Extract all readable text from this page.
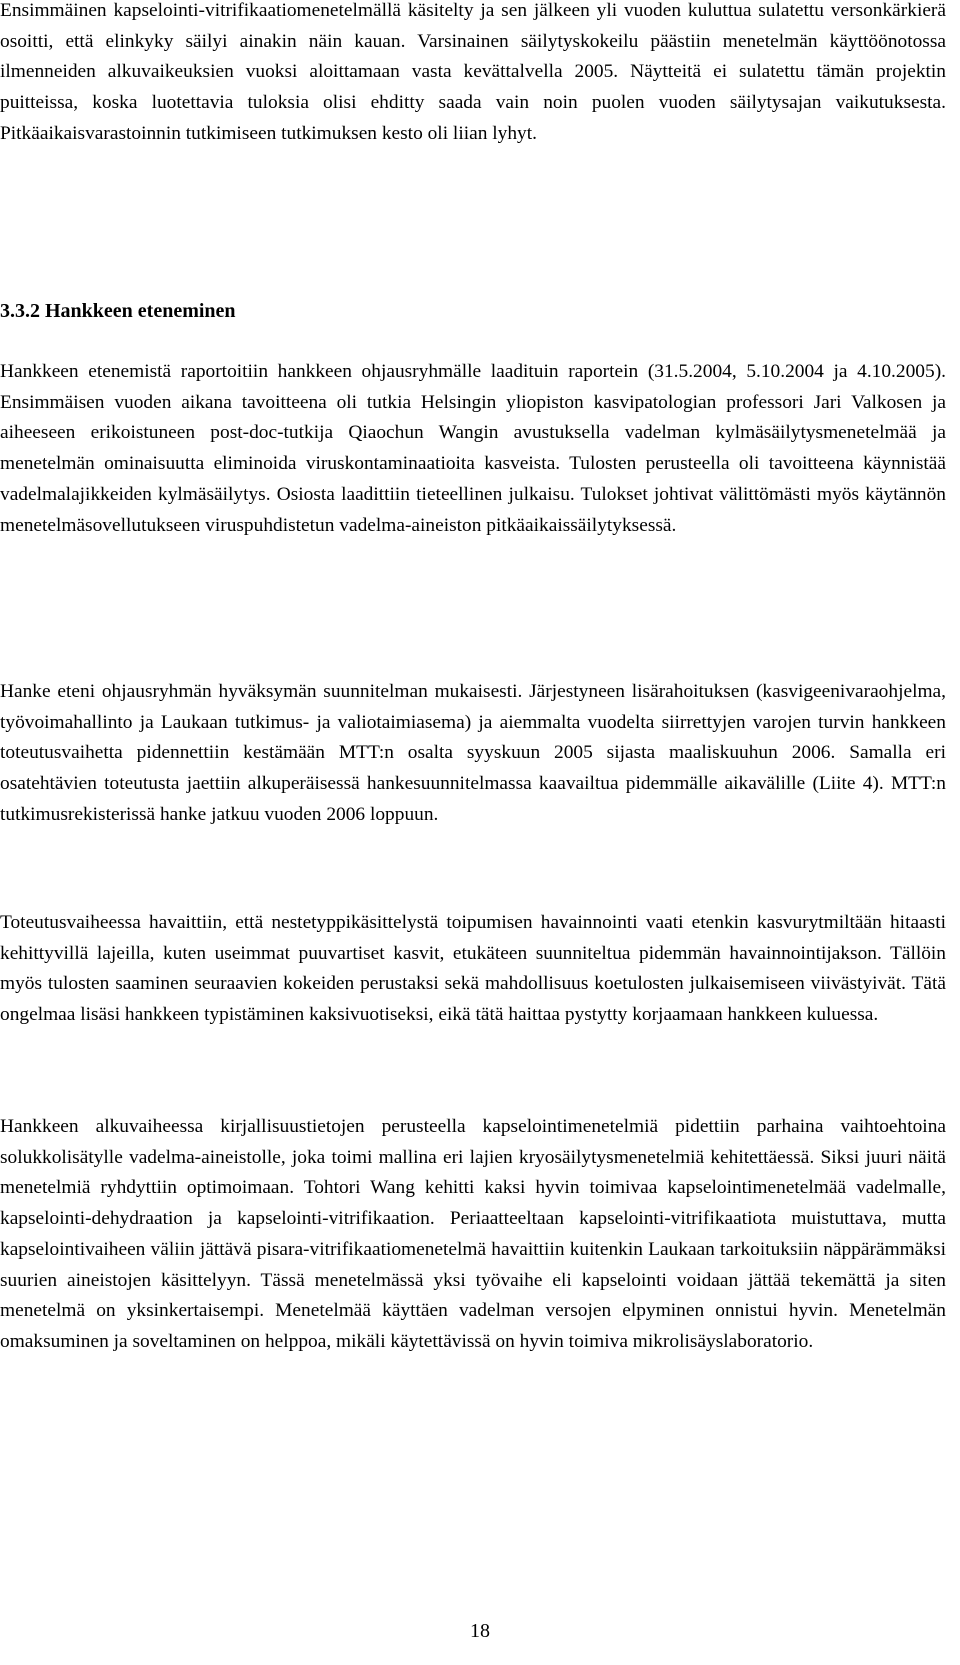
Ensimmäinen kapselointi-vitrifikaatiomenetelmällä käsitelty ja sen jälkeen yli vuoden kuluttua sulatettu versonkärkierä osoitti, että elinkyky säilyi ainakin näin kauan. Varsinainen säilytyskokeilu päästiin menetelmän käyttöönotossa ilmenneiden alkuvaikeuksien vuoksi aloittamaan vasta kevättalvella 2005. Näytteitä ei sulatettu tämän projektin puitteissa, koska luotettavia tuloksia olisi ehditty saada vain noin puolen vuoden säilytysajan vaikutuksesta. Pitkäaikaisvarastoinnin tutkimiseen tutkimuksen kesto oli liian lyhyt.

3.3.2 Hankkeen eteneminen

Hankkeen etenemistä raportoitiin hankkeen ohjausryhmälle laadituin raportein (31.5.2004, 5.10.2004 ja 4.10.2005). Ensimmäisen vuoden aikana tavoitteena oli tutkia Helsingin yliopiston kasvipatologian professori Jari Valkosen ja aiheeseen erikoistuneen post-doc-tutkija Qiaochun Wangin avustuksella vadelman kylmäsäilytysmenetelmää ja menetelmän ominaisuutta eliminoida viruskontaminaatioita kasveista. Tulosten perusteella oli tavoitteena käynnistää vadelmalajikkeiden kylmäsäilytys. Osiosta laadittiin tieteellinen julkaisu. Tulokset johtivat välittömästi myös käytännön menetelmäsovellutukseen viruspuhdistetun vadelma-aineiston pitkäaikaissäilytyksessä.

Hanke eteni ohjausryhmän hyväksymän suunnitelman mukaisesti. Järjestyneen lisärahoituksen (kasvigeenivaraohjelma, työvoimahallinto ja Laukaan tutkimus- ja valiotaimiasema) ja aiemmalta vuodelta siirrettyjen varojen turvin hankkeen toteutusvaihetta pidennettiin kestämään MTT:n osalta syyskuun 2005 sijasta maaliskuuhun 2006. Samalla eri osatehtävien toteutusta jaettiin alkuperäisessä hankesuunnitelmassa kaavailtua pidemmälle aikavälille (Liite 4). MTT:n tutkimusrekisterissä hanke jatkuu vuoden 2006 loppuun.

Toteutusvaiheessa havaittiin, että nestetyppikäsittelystä toipumisen havainnointi vaati etenkin kasvurytmiltään hitaasti kehittyvillä lajeilla, kuten useimmat puuvartiset kasvit, etukäteen suunniteltua pidemmän havainnointijakson. Tällöin myös tulosten saaminen seuraavien kokeiden perustaksi sekä mahdollisuus koetulosten julkaisemiseen viivästyivät. Tätä ongelmaa lisäsi hankkeen typistäminen kaksivuotiseksi, eikä tätä haittaa pystytty korjaamaan hankkeen kuluessa.

Hankkeen alkuvaiheessa kirjallisuustietojen perusteella kapselointimenetelmiä pidettiin parhaina vaihtoehtoina solukkolisätylle vadelma-aineistolle, joka toimi mallina eri lajien kryosäilytysmenetelmiä kehitettäessä. Siksi juuri näitä menetelmiä ryhdyttiin optimoimaan. Tohtori Wang kehitti kaksi hyvin toimivaa kapselointimenetelmää vadelmalle, kapselointi-dehydraation ja kapselointi-vitrifikaation. Periaatteeltaan kapselointi-vitrifikaatiota muistuttava, mutta kapselointivaiheen väliin jättävä pisara-vitrifikaatiomenetelmä havaittiin kuitenkin Laukaan tarkoituksiin näppärämmäksi suurien aineistojen käsittelyyn. Tässä menetelmässä yksi työvaihe eli kapselointi voidaan jättää tekemättä ja siten menetelmä on yksinkertaisempi. Menetelmää käyttäen vadelman versojen elpyminen onnistui hyvin. Menetelmän omaksuminen ja soveltaminen on helppoa, mikäli käytettävissä on hyvin toimiva mikrolisäyslaboratorio.

18
